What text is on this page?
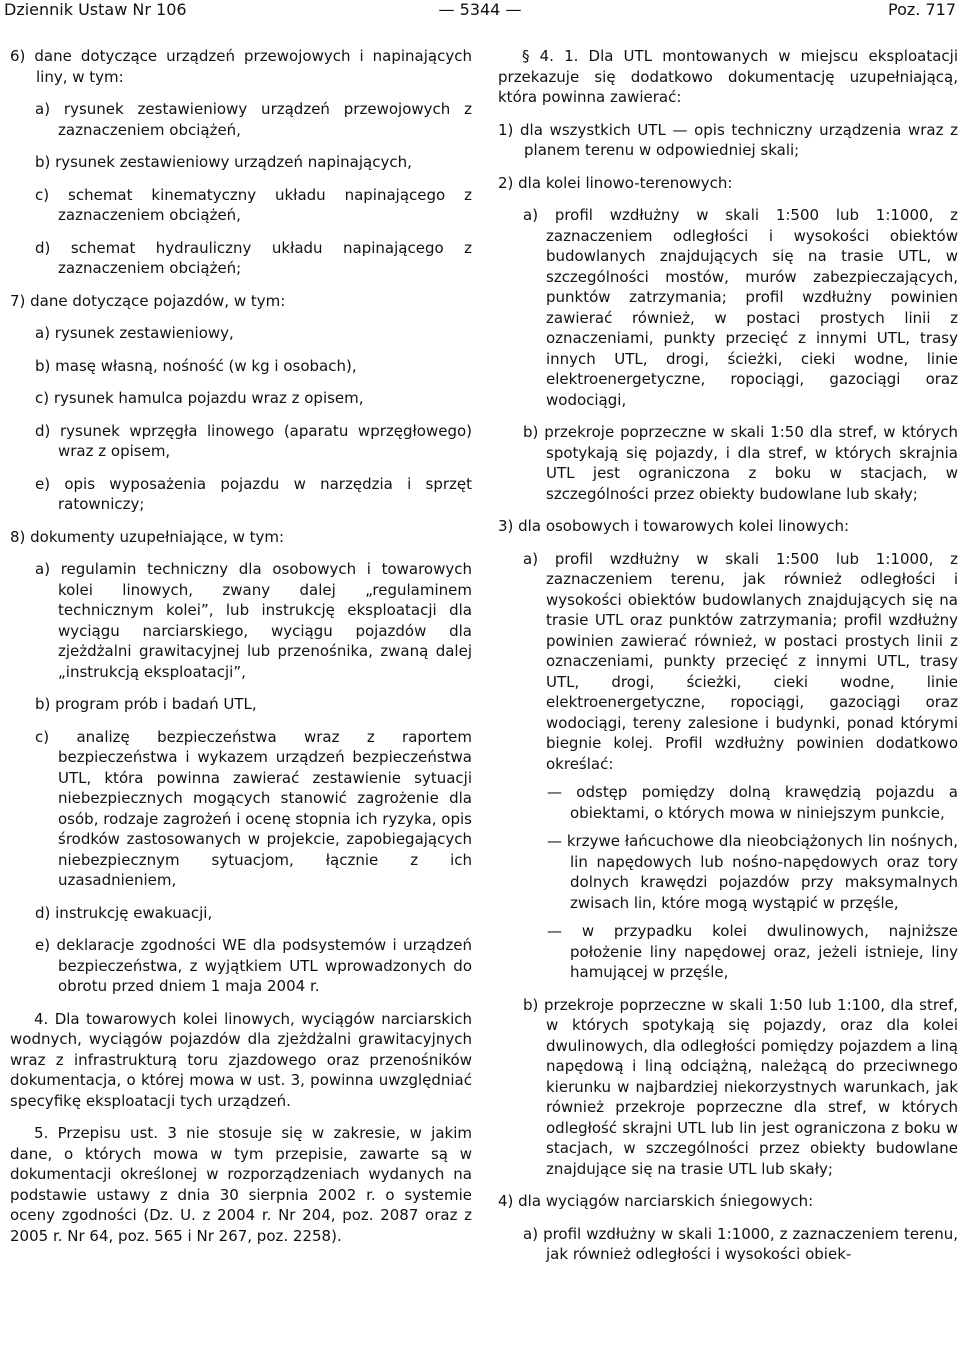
Dziennik Ustaw Nr 106	— 5344 —	Poz. 717
6) dane dotyczące urządzeń przewojowych i napinających liny, w tym:
a) rysunek zestawieniowy urządzeń przewojowych z zaznaczeniem obciążeń,
b) rysunek zestawieniowy urządzeń napinających,
c) schemat kinematyczny układu napinającego z zaznaczeniem obciążeń,
d) schemat hydrauliczny układu napinającego z zaznaczeniem obciążeń;
7) dane dotyczące pojazdów, w tym:
a) rysunek zestawieniowy,
b) masę własną, nośność (w kg i osobach),
c) rysunek hamulca pojazdu wraz z opisem,
d) rysunek wprzęgła linowego (aparatu wprzęgłowego) wraz z opisem,
e) opis wyposażenia pojazdu w narzędzia i sprzęt ratowniczy;
8) dokumenty uzupełniające, w tym:
a) regulamin techniczny dla osobowych i towarowych kolei linowych, zwany dalej „regulaminem technicznym kolei”, lub instrukcję eksploatacji dla wyciągu narciarskiego, wyciągu pojazdów dla zjeżdżalni grawitacyjnej lub przenośnika, zwaną dalej „instrukcją eksploatacji”,
b) program prób i badań UTL,
c) analizę bezpieczeństwa wraz z raportem bezpieczeństwa i wykazem urządzeń bezpieczeństwa UTL, która powinna zawierać zestawienie sytuacji niebezpiecznych mogących stanowić zagrożenie dla osób, rodzaje zagrożeń i ocenę stopnia ich ryzyka, opis środków zastosowanych w projekcie, zapobiegających niebezpiecznym sytuacjom, łącznie z ich uzasadnieniem,
d) instrukcję ewakuacji,
e) deklaracje zgodności WE dla podsystemów i urządzeń bezpieczeństwa, z wyjątkiem UTL wprowadzonych do obrotu przed dniem 1 maja 2004 r.
4. Dla towarowych kolei linowych, wyciągów narciarskich wodnych, wyciągów pojazdów dla zjeżdżalni grawitacyjnych wraz z infrastrukturą toru zjazdowego oraz przenośników dokumentacja, o której mowa w ust. 3, powinna uwzględniać specyfikę eksploatacji tych urządzeń.
5. Przepisu ust. 3 nie stosuje się w zakresie, w jakim dane, o których mowa w tym przepisie, zawarte są w dokumentacji określonej w rozporządzeniach wydanych na podstawie ustawy z dnia 30 sierpnia 2002 r. o systemie oceny zgodności (Dz. U. z 2004 r. Nr 204, poz. 2087 oraz z 2005 r. Nr 64, poz. 565 i Nr 267, poz. 2258).
§ 4. 1. Dla UTL montowanych w miejscu eksploatacji przekazuje się dodatkowo dokumentację uzupełniającą, która powinna zawierać:
1) dla wszystkich UTL — opis techniczny urządzenia wraz z planem terenu w odpowiedniej skali;
2) dla kolei linowo-terenowych:
a) profil wzdłużny w skali 1:500 lub 1:1000, z zaznaczeniem odległości i wysokości obiektów budowlanych znajdujących się na trasie UTL, w szczególności mostów, murów zabezpieczających, punktów zatrzymania; profil wzdłużny powinien zawierać również, w postaci prostych linii z oznaczeniami, punkty przecięć z innymi UTL, trasy innych UTL, drogi, ścieżki, cieki wodne, linie elektroenergetyczne, ropociągi, gazociągi oraz wodociągi,
b) przekroje poprzeczne w skali 1:50 dla stref, w których spotykają się pojazdy, i dla stref, w których skrajnia UTL jest ograniczona z boku w stacjach, w szczególności przez obiekty budowlane lub skały;
3) dla osobowych i towarowych kolei linowych:
a) profil wzdłużny w skali 1:500 lub 1:1000, z zaznaczeniem terenu, jak również odległości i wysokości obiektów budowlanych znajdujących się na trasie UTL oraz punktów zatrzymania; profil wzdłużny powinien zawierać również, w postaci prostych linii z oznaczeniami, punkty przecięć z innymi UTL, trasy UTL, drogi, ścieżki, cieki wodne, linie elektroenergetyczne, ropociągi, gazociągi oraz wodociągi, tereny zalesione i budynki, ponad którymi biegnie kolej. Profil wzdłużny powinien dodatkowo określać:
— odstęp pomiędzy dolną krawędzią pojazdu a obiektami, o których mowa w niniejszym punkcie,
— krzywe łańcuchowe dla nieobciążonych lin nośnych, lin napędowych lub nośno-napędowych oraz tory dolnych krawędzi pojazdów przy maksymalnych zwisach lin, które mogą wystąpić w przęśle,
— w przypadku kolei dwulinowych, najniższe położenie liny napędowej oraz, jeżeli istnieje, liny hamującej w przęśle,
b) przekroje poprzeczne w skali 1:50 lub 1:100, dla stref, w których spotykają się pojazdy, oraz dla kolei dwulinowych, dla odległości pomiędzy pojazdem a liną napędową i liną odciążną, należącą do przeciwnego kierunku w najbardziej niekorzystnych warunkach, jak również przekroje poprzeczne dla stref, w których odległość skrajni UTL lub lin jest ograniczona z boku w stacjach, w szczególności przez obiekty budowlane znajdujące się na trasie UTL lub skały;
4) dla wyciągów narciarskich śniegowych:
a) profil wzdłużny w skali 1:1000, z zaznaczeniem terenu, jak również odległości i wysokości obiek-
